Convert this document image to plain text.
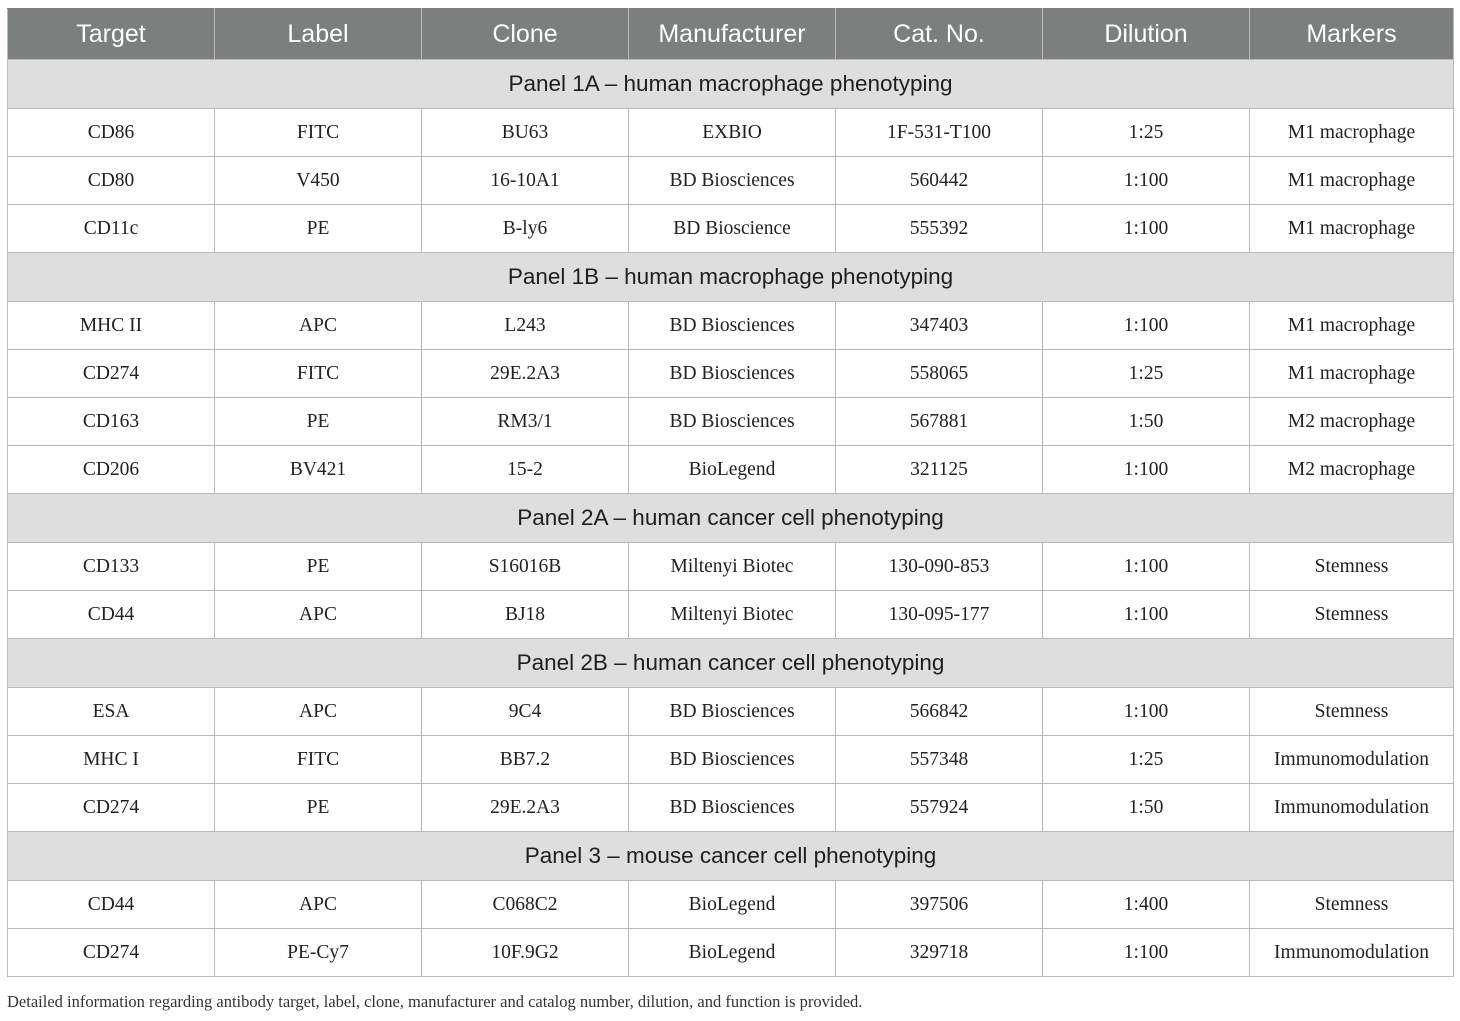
Target	Label	Clone	Manufacturer	Cat. No.	Dilution	Markers
Panel 1A – human macrophage phenotyping						
CD86	FITC	BU63	EXBIO	1F-531-T100	1:25	M1 macrophage
CD80	V450	16-10A1	BD Biosciences	560442	1:100	M1 macrophage
CD11c	PE	B-ly6	BD Bioscience	555392	1:100	M1 macrophage
Panel 1B – human macrophage phenotyping						
MHC II	APC	L243	BD Biosciences	347403	1:100	M1 macrophage
CD274	FITC	29E.2A3	BD Biosciences	558065	1:25	M1 macrophage
CD163	PE	RM3/1	BD Biosciences	567881	1:50	M2 macrophage
CD206	BV421	15-2	BioLegend	321125	1:100	M2 macrophage
Panel 2A – human cancer cell phenotyping						
CD133	PE	S16016B	Miltenyi Biotec	130-090-853	1:100	Stemness
CD44	APC	BJ18	Miltenyi Biotec	130-095-177	1:100	Stemness
Panel 2B – human cancer cell phenotyping						
ESA	APC	9C4	BD Biosciences	566842	1:100	Stemness
MHC I	FITC	BB7.2	BD Biosciences	557348	1:25	Immunomodulation
CD274	PE	29E.2A3	BD Biosciences	557924	1:50	Immunomodulation
Panel 3 – mouse cancer cell phenotyping						
CD44	APC	C068C2	BioLegend	397506	1:400	Stemness
CD274	PE-Cy7	10F.9G2	BioLegend	329718	1:100	Immunomodulation
Detailed information regarding antibody target, label, clone, manufacturer and catalog number, dilution, and function is provided.
